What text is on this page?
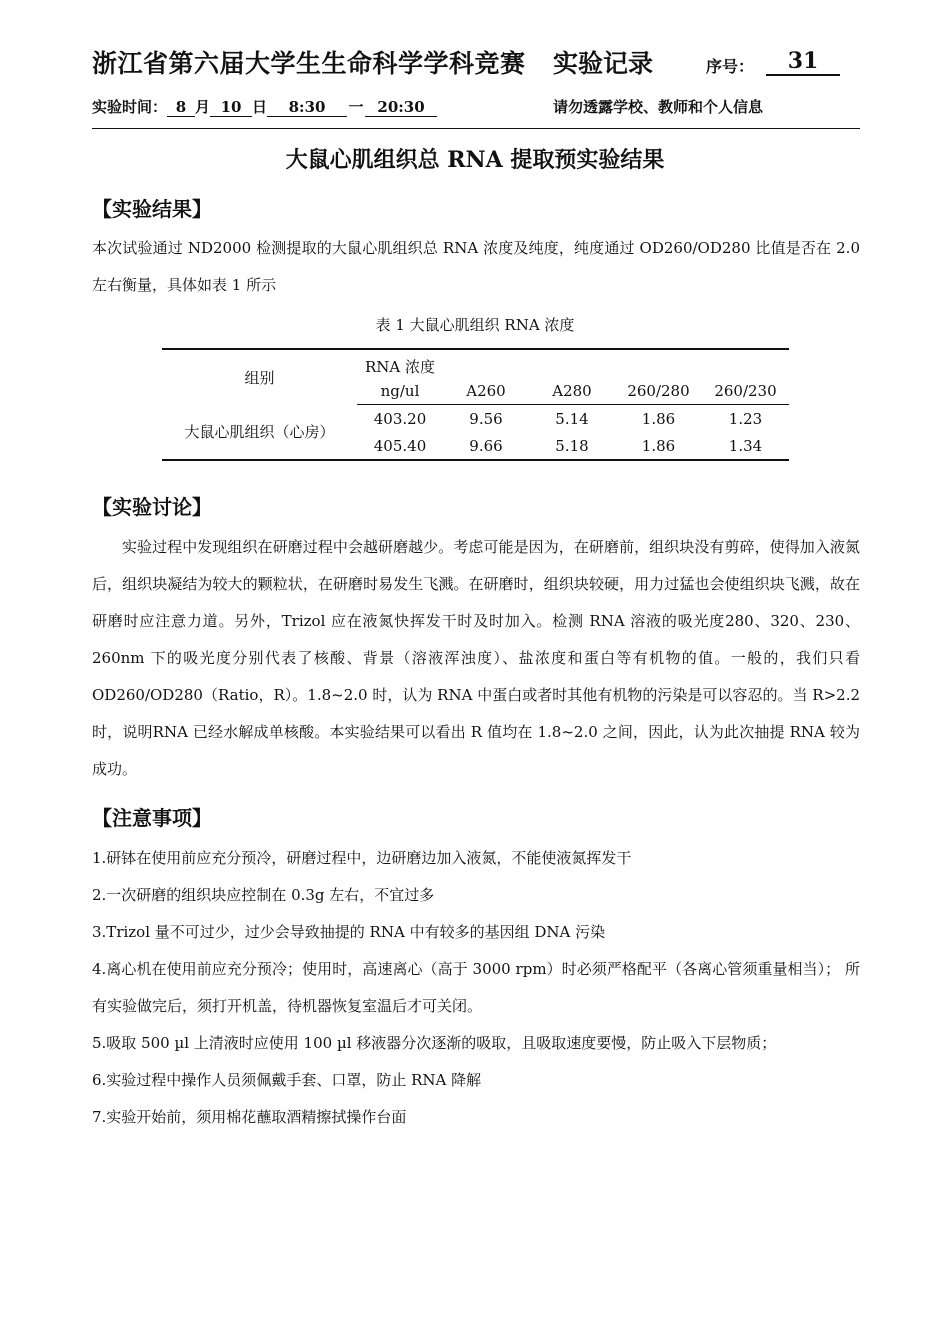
浙江省第六届大学生生命科学学科竞赛 实验记录	序号：	31
实验时间： 8 月 10 日 8:30 一 20:30	请勿透露学校、教师和个人信息
大鼠心肌组织总 RNA 提取预实验结果
【实验结果】
本次试验通过 ND2000 检测提取的大鼠心肌组织总 RNA 浓度及纯度，纯度通过 OD260/OD280 比值是否在 2.0 左右衡量，具体如表 1 所示
表 1 大鼠心肌组织 RNA 浓度
组别	RNA 浓度				
	ng/ul	A260	A280	260/280	260/230
大鼠心肌组织（心房）	403.20	9.56	5.14	1.86	1.23
	405.40	9.66	5.18	1.86	1.34
【实验讨论】
实验过程中发现组织在研磨过程中会越研磨越少。考虑可能是因为，在研磨前，组织块没有剪碎，使得加入液氮后，组织块凝结为较大的颗粒状，在研磨时易发生飞溅。在研磨时，组织块较硬，用力过猛也会使组织块飞溅，故在研磨时应注意力道。另外，Trizol 应在液氮快挥发干时及时加入。检测 RNA 溶液的吸光度280、320、230、260nm 下的吸光度分别代表了核酸、背景（溶液浑浊度）、盐浓度和蛋白等有机物的值。一般的，我们只看OD260/OD280（Ratio，R）。1.8~2.0 时，认为 RNA 中蛋白或者时其他有机物的污染是可以容忍的。当 R>2.2 时，说明RNA 已经水解成单核酸。本实验结果可以看出 R 值均在 1.8~2.0 之间，因此，认为此次抽提 RNA 较为成功。
【注意事项】
1.研钵在使用前应充分预冷，研磨过程中，边研磨边加入液氮，不能使液氮挥发干
2.一次研磨的组织块应控制在 0.3g 左右，不宜过多
3.Trizol 量不可过少，过少会导致抽提的 RNA 中有较多的基因组 DNA 污染
4.离心机在使用前应充分预冷；使用时，高速离心（高于 3000 rpm）时必须严格配平（各离心管须重量相当）； 所有实验做完后，须打开机盖，待机器恢复室温后才可关闭。
5.吸取 500 µl 上清液时应使用 100 µl 移液器分次逐渐的吸取，且吸取速度要慢，防止吸入下层物质；
6.实验过程中操作人员须佩戴手套、口罩，防止 RNA 降解
7.实验开始前，须用棉花蘸取酒精擦拭操作台面
